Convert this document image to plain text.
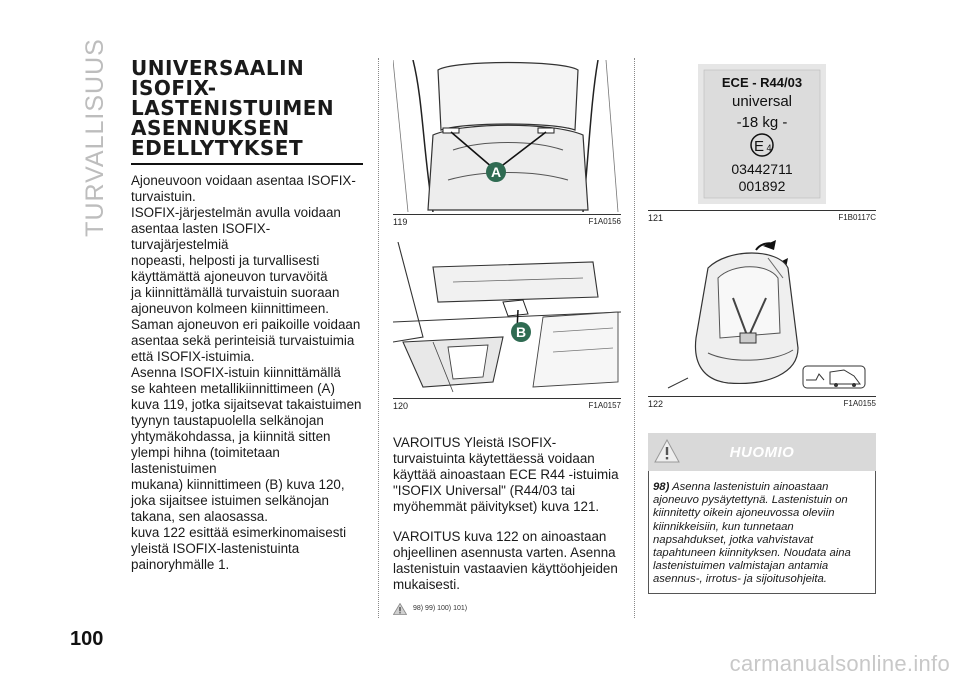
TURVALLISUUS UNIVERSAALIN
ISOFIX-
LASTENISTUIMEN
ASENNUKSEN
EDELLYTYKSET

Ajoneuvoon voidaan asentaa ISOFIX-
turvaistuin.

ISOFIX-järjestelmän avulla voidaan
asentaa lasten ISOFIX-turvajärjestelmiä
nopeasti, helposti ja turvallisesti
käyttämättä ajoneuvon turvavöitä
ja kiinnittämällä turvaistuin suoraan
ajoneuvon kolmeen kiinnittimeen.
Saman ajoneuvon eri paikoille voidaan
asentaa sekä perinteisiä turvaistuimia
että ISOFIX-istuimia.

Asenna ISOFIX-istuin kiinnittämällä
se kahteen metallikiinnittimeen (A)
kuva 119, jotka sijaitsevat takaistuimen
tyynyn taustapuolella selkänojan
yhtymäkohdassa, ja kiinnitä sitten
ylempi hihna (toimitetaan lastenistuimen
mukana) kiinnittimeen (B) kuva 120,
joka sijaitsee istuimen selkänojan
takana, sen alaosassa.

kuva 122 esittää esimerkinomaisesti
yleistä ISOFIX-lastenistuinta
painoryhmälle 1.

A
119	F1A0156
B
120	F1A0157

VAROITUS Yleistä ISOFIX-turvaistuinta käytettäessä voidaan käyttää ainoastaan ECE R44 -istuimia "ISOFIX Universal" (R44/03 tai myöhemmät päivitykset) kuva 121.

VAROITUS kuva 122 on ainoastaan ohjeellinen asennusta varten. Asenna lastenistuin vastaavien käyttöohjeiden mukaisesti.

98) 99) 100) 101)
ECE - R44/03
universal
-18 kg -
E 4
03442711
001892
121	F1B0117C
122	F1A0155
HUOMIO
98) Asenna lastenistuin ainoastaan ajoneuvo pysäytettynä. Lastenistuin on kiinnitetty oikein ajoneuvossa oleviin kiinnikkeisiin, kun tunnetaan napsahdukset, jotka vahvistavat tapahtuneen kiinnityksen. Noudata aina lastenistuimen valmistajan antamia asennus-, irrotus- ja sijoitusohjeita.
100
carmanualsonline.info
